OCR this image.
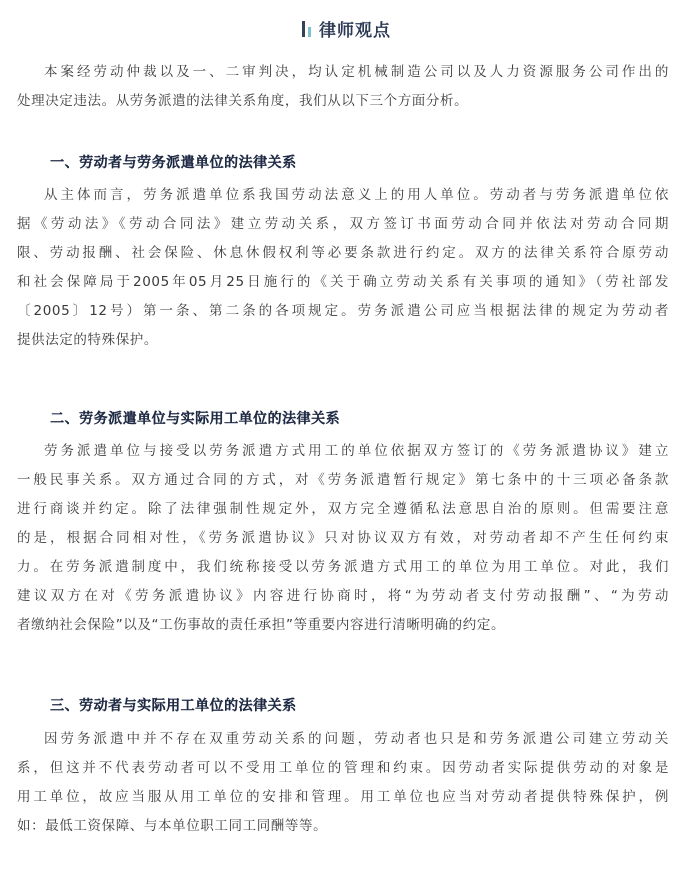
律师观点

本案经劳动仲裁以及一、二审判决，均认定机械制造公司以及人力资源服务公司作出的
处理决定违法。从劳务派遣的法律关系角度，我们从以下三个方面分析。

一、劳动者与劳务派遣单位的法律关系

从主体而言，劳务派遣单位系我国劳动法意义上的用人单位。劳动者与劳务派遣单位依
据《劳动法》《劳动合同法》建立劳动关系，双方签订书面劳动合同并依法对劳动合同期
限、劳动报酬、社会保险、休息休假权利等必要条款进行约定。双方的法律关系符合原劳动
和社会保障局于2005年05月25日施行的《关于确立劳动关系有关事项的通知》（劳社部发
〔2005〕12号）第一条、第二条的各项规定。劳务派遣公司应当根据法律的规定为劳动者
提供法定的特殊保护。

二、劳务派遣单位与实际用工单位的法律关系

劳务派遣单位与接受以劳务派遣方式用工的单位依据双方签订的《劳务派遣协议》建立
一般民事关系。双方通过合同的方式，对《劳务派遣暂行规定》第七条中的十三项必备条款
进行商谈并约定。除了法律强制性规定外，双方完全遵循私法意思自治的原则。但需要注意
的是，根据合同相对性，《劳务派遣协议》只对协议双方有效，对劳动者却不产生任何约束
力。在劳务派遣制度中，我们统称接受以劳务派遣方式用工的单位为用工单位。对此，我们
建议双方在对《劳务派遣协议》内容进行协商时，将“为劳动者支付劳动报酬”、“为劳动
者缴纳社会保险”以及“工伤事故的责任承担”等重要内容进行清晰明确的约定。

三、劳动者与实际用工单位的法律关系

因劳务派遣中并不存在双重劳动关系的问题，劳动者也只是和劳务派遣公司建立劳动关
系，但这并不代表劳动者可以不受用工单位的管理和约束。因劳动者实际提供劳动的对象是
用工单位，故应当服从用工单位的安排和管理。用工单位也应当对劳动者提供特殊保护，例
如：最低工资保障、与本单位职工同工同酬等等。
